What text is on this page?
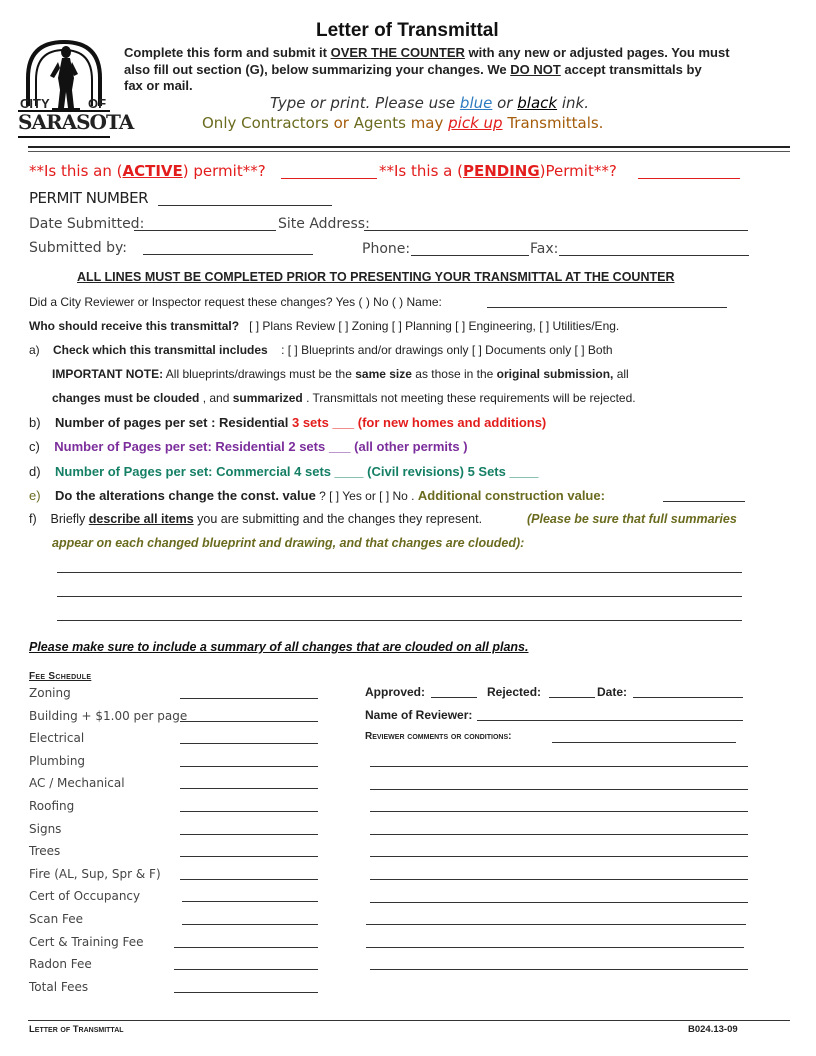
CITY	OF
SARASOTA
Letter of Transmittal
Complete this form and submit it OVER THE COUNTER with any new or adjusted pages. You must
also fill out section (G), below summarizing your changes. We DO NOT accept transmittals by
fax or mail.
Type or print. Please use blue or black ink.
Only Contractors or Agents may pick up Transmittals.
**Is this an (ACTIVE) permit**?	**Is this a (PENDING)Permit**?
PERMIT NUMBER
Date Submitted:	Site Address:
Submitted by:	Phone:	Fax:
ALL LINES MUST BE COMPLETED PRIOR TO PRESENTING YOUR TRANSMITTAL AT THE COUNTER
Did a City Reviewer or Inspector request these changes? Yes ( ) No ( ) Name:
Who should receive this transmittal? [ ] Plans Review [ ] Zoning [ ] Planning [ ] Engineering, [ ] Utilities/Eng.
a) Check which this transmittal includes : [ ] Blueprints and/or drawings only [ ] Documents only [ ] Both
IMPORTANT NOTE: All blueprints/drawings must be the same size as those in the original submission, all
changes must be clouded , and summarized . Transmittals not meeting these requirements will be rejected.
b) Number of pages per set : Residential 3 sets ___ (for new homes and additions)
c) Number of Pages per set: Residential 2 sets ___ (all other permits )
d) Number of Pages per set: Commercial 4 sets ____ (Civil revisions) 5 Sets ____
e) Do the alterations change the const. value ? [ ] Yes or [ ] No . Additional construction value:
f) Briefly describe all items you are submitting and the changes they represent.	(Please be sure that full summaries
appear on each changed blueprint and drawing, and that changes are clouded):
Please make sure to include a summary of all changes that are clouded on all plans.
Fee Schedule
Zoning
Building + $1.00 per page
Electrical
Plumbing
AC / Mechanical
Roofing
Signs
Trees
Fire (AL, Sup, Spr & F)
Cert of Occupancy
Scan Fee
Cert & Training Fee
Radon Fee
Total Fees
Approved:	Rejected:	Date:
Name of Reviewer:
Reviewer comments or conditions:
Letter of Transmittal	B024.13-09
